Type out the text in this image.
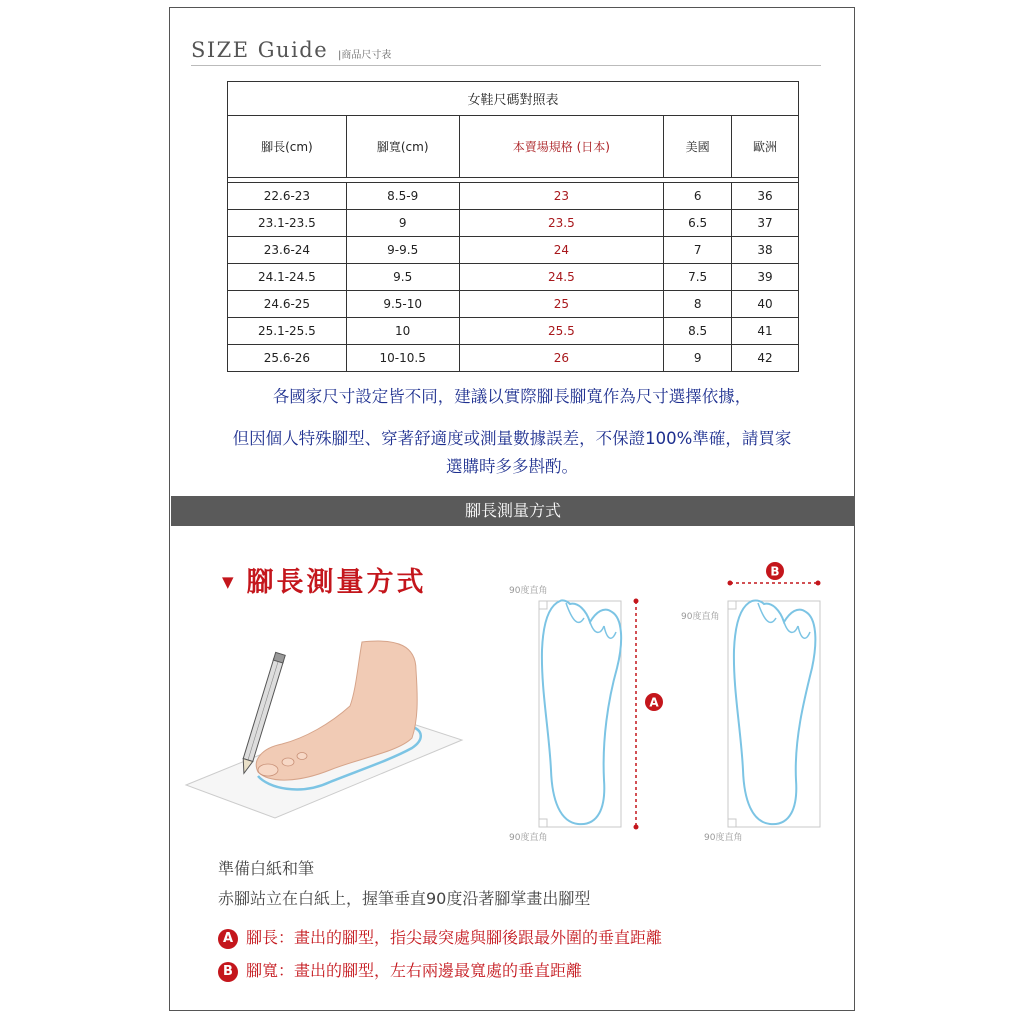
SIZE Guide |商品尺寸表
女鞋尺碼對照表				
腳長(cm)	腳寬(cm)	本賣場規格 (日本)	美國	歐洲

22.6-23	8.5-9	23	6	36
23.1-23.5	9	23.5	6.5	37
23.6-24	9-9.5	24	7	38
24.1-24.5	9.5	24.5	7.5	39
24.6-25	9.5-10	25	8	40
25.1-25.5	10	25.5	8.5	41
25.6-26	10-10.5	26	9	42
各國家尺寸設定皆不同，建議以實際腳長腳寬作為尺寸選擇依據，
但因個人特殊腳型、穿著舒適度或測量數據誤差，不保證100%準確，請買家
選購時多多斟酌。
腳長測量方式
▼ 腳長測量方式
A
90度直角
90度直角
B
90度直角
90度直角
準備白紙和筆
赤腳站立在白紙上，握筆垂直90度沿著腳掌畫出腳型
A 腳長：畫出的腳型，指尖最突處與腳後跟最外圍的垂直距離
B 腳寬：畫出的腳型，左右兩邊最寬處的垂直距離
